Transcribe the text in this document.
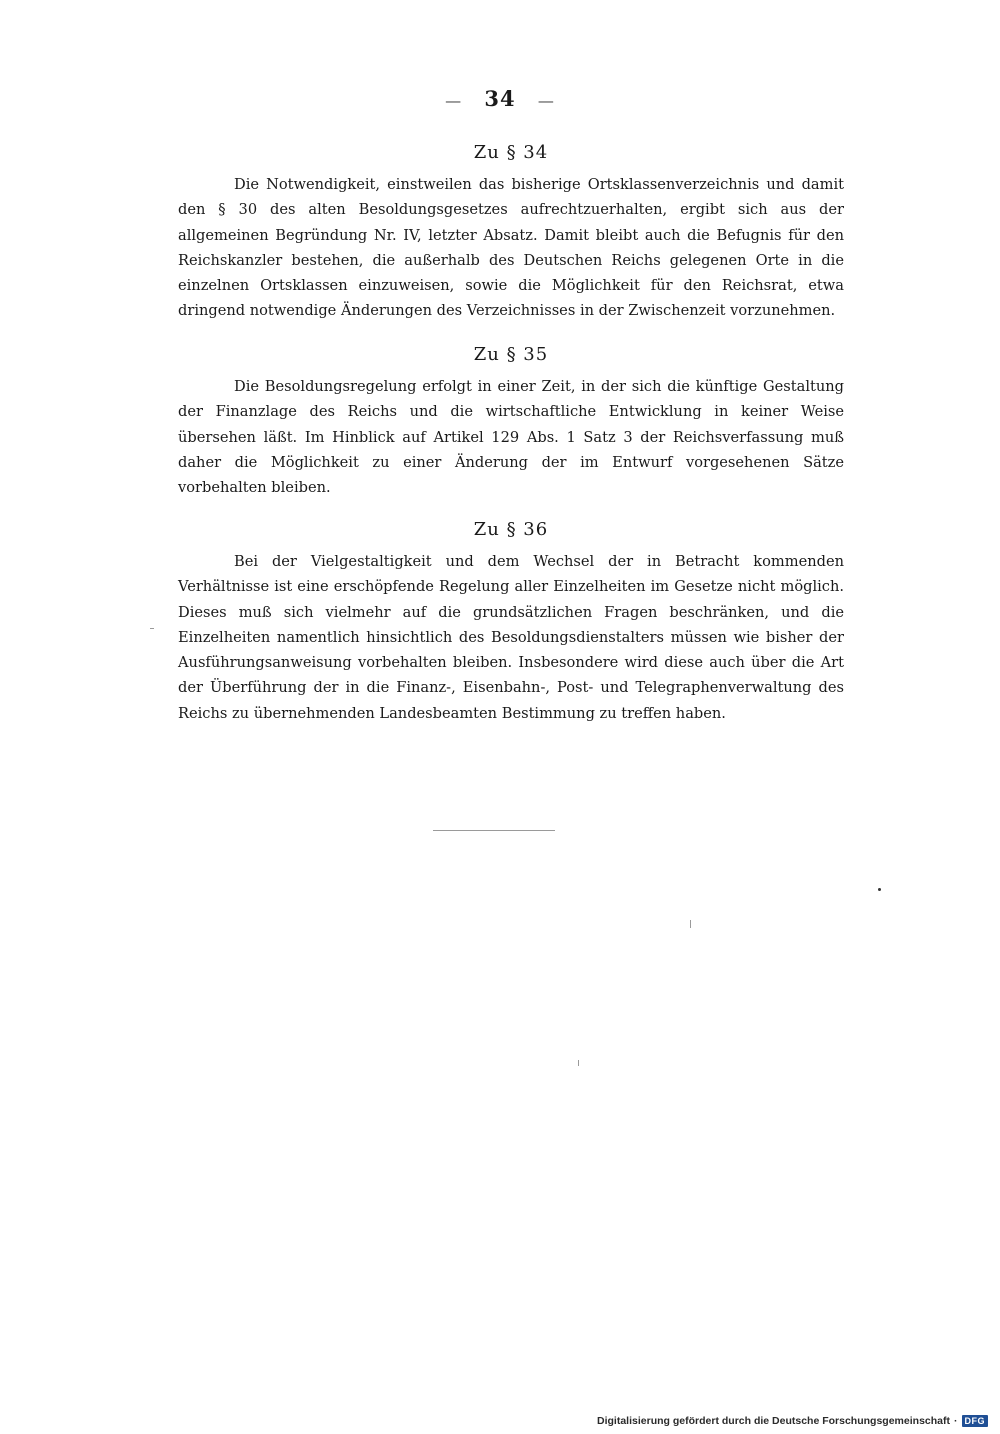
— 34 —
Zu § 34

Die Notwendigkeit, einstweilen das bisherige Ortsklassenverzeichnis und damit den § 30 des alten Besoldungsgesetzes aufrechtzuerhalten, ergibt sich aus der allgemeinen Begründung Nr. IV, letzter Absatz. Damit bleibt auch die Befugnis für den Reichskanzler bestehen, die außerhalb des Deutschen Reichs gelegenen Orte in die einzelnen Ortsklassen einzuweisen, sowie die Möglichkeit für den Reichsrat, etwa dringend notwendige Änderungen des Verzeichnisses in der Zwischenzeit vorzunehmen.

Zu § 35

Die Besoldungsregelung erfolgt in einer Zeit, in der sich die künftige Gestaltung der Finanzlage des Reichs und die wirtschaftliche Entwicklung in keiner Weise übersehen läßt. Im Hinblick auf Artikel 129 Abs. 1 Satz 3 der Reichsverfassung muß daher die Möglichkeit zu einer Änderung der im Entwurf vorgesehenen Sätze vorbehalten bleiben.

Zu § 36

Bei der Vielgestaltigkeit und dem Wechsel der in Betracht kommenden Verhältnisse ist eine erschöpfende Regelung aller Einzelheiten im Gesetze nicht möglich. Dieses muß sich vielmehr auf die grundsätzlichen Fragen beschränken, und die Einzelheiten namentlich hinsichtlich des Besoldungsdienstalters müssen wie bisher der Ausführungsanweisung vorbehalten bleiben. Insbesondere wird diese auch über die Art der Überführung der in die Finanz-, Eisenbahn-, Post- und Telegraphenverwaltung des Reichs zu übernehmenden Landesbeamten Bestimmung zu treffen haben.

Digitalisierung gefördert durch die Deutsche Forschungsgemeinschaft · DFG
